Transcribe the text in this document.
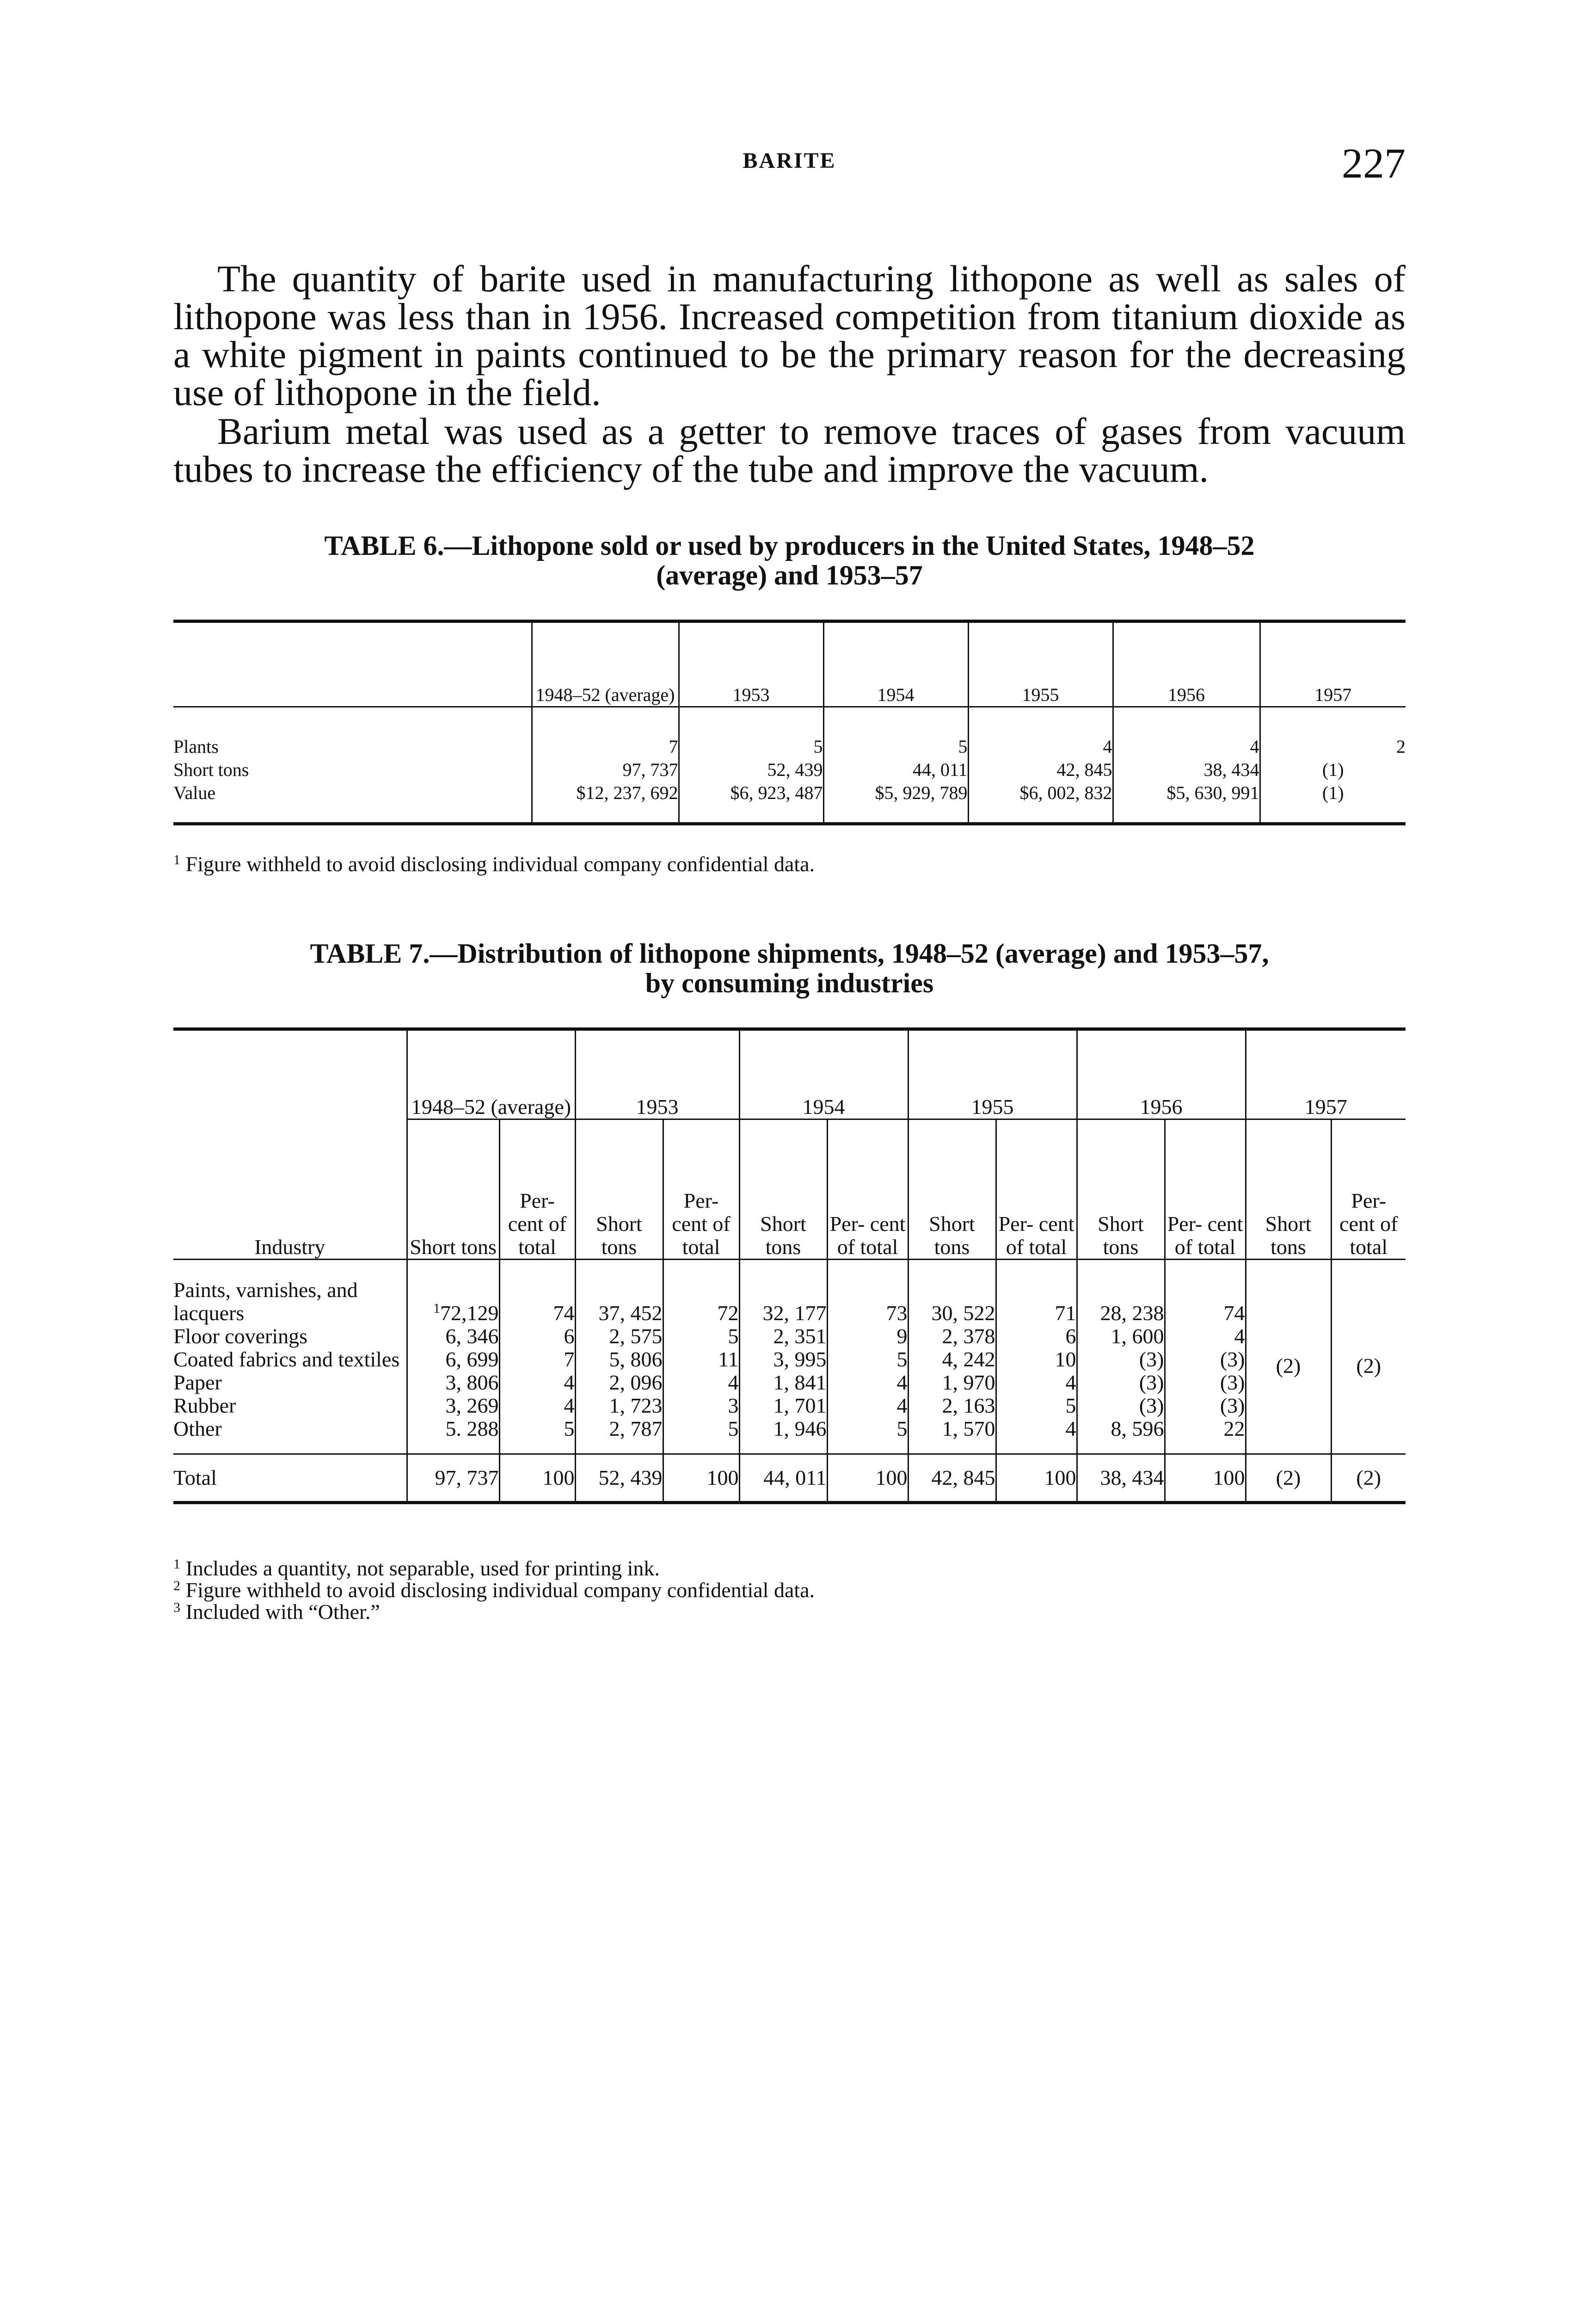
BARITE	227

The quantity of barite used in manufacturing lithopone as well as sales of lithopone was less than in 1956. Increased competition from titanium dioxide as a white pigment in paints continued to be the primary reason for the decreasing use of lithopone in the field.

Barium metal was used as a getter to remove traces of gases from vacuum tubes to increase the efficiency of the tube and improve the vacuum.

TABLE 6.—Lithopone sold or used by producers in the United States, 1948–52
(average) and 1953–57
	1948–52 (average)	1953	1954	1955	1956	1957
Plants	7	5	5	4	4	2
Short tons	97, 737	52, 439	44, 011	42, 845	38, 434	(1)
Value	$12, 237, 692	$6, 923, 487	$5, 929, 789	$6, 002, 832	$5, 630, 991	(1)
$^1$ Figure withheld to avoid disclosing individual company confidential data.
TABLE 7.—Distribution of lithopone shipments, 1948–52 (average) and 1953–57,
by consuming industries
Industry	1948–52 (average)		1953		1954		1955		1956		1957	
	Short tons	Per- cent of total	Short tons	Per- cent of total	Short tons	Per- cent of total	Short tons	Per- cent of total	Short tons	Per- cent of total	Short tons	Per- cent of total
Paints, varnishes, and lacquers	$^1$72,129	74	37, 452	72	32, 177	73	30, 522	71	28, 238	74	(2)	(2)
Floor coverings	6, 346	6	2, 575	5	2, 351	9	2, 378	6	1, 600	4		
Coated fabrics and textiles	6, 699	7	5, 806	11	3, 995	5	4, 242	10	(3)	(3)		
Paper	3, 806	4	2, 096	4	1, 841	4	1, 970	4	(3)	(3)		
Rubber	3, 269	4	1, 723	3	1, 701	4	2, 163	5	(3)	(3)		
Other	5. 288	5	2, 787	5	1, 946	5	1, 570	4	8, 596	22		
Total	97, 737	100	52, 439	100	44, 011	100	42, 845	100	38, 434	100	(2)	(2)
$^1$ Includes a quantity, not separable, used for printing ink.
$^2$ Figure withheld to avoid disclosing individual company confidential data.
$^3$ Included with “Other.”
